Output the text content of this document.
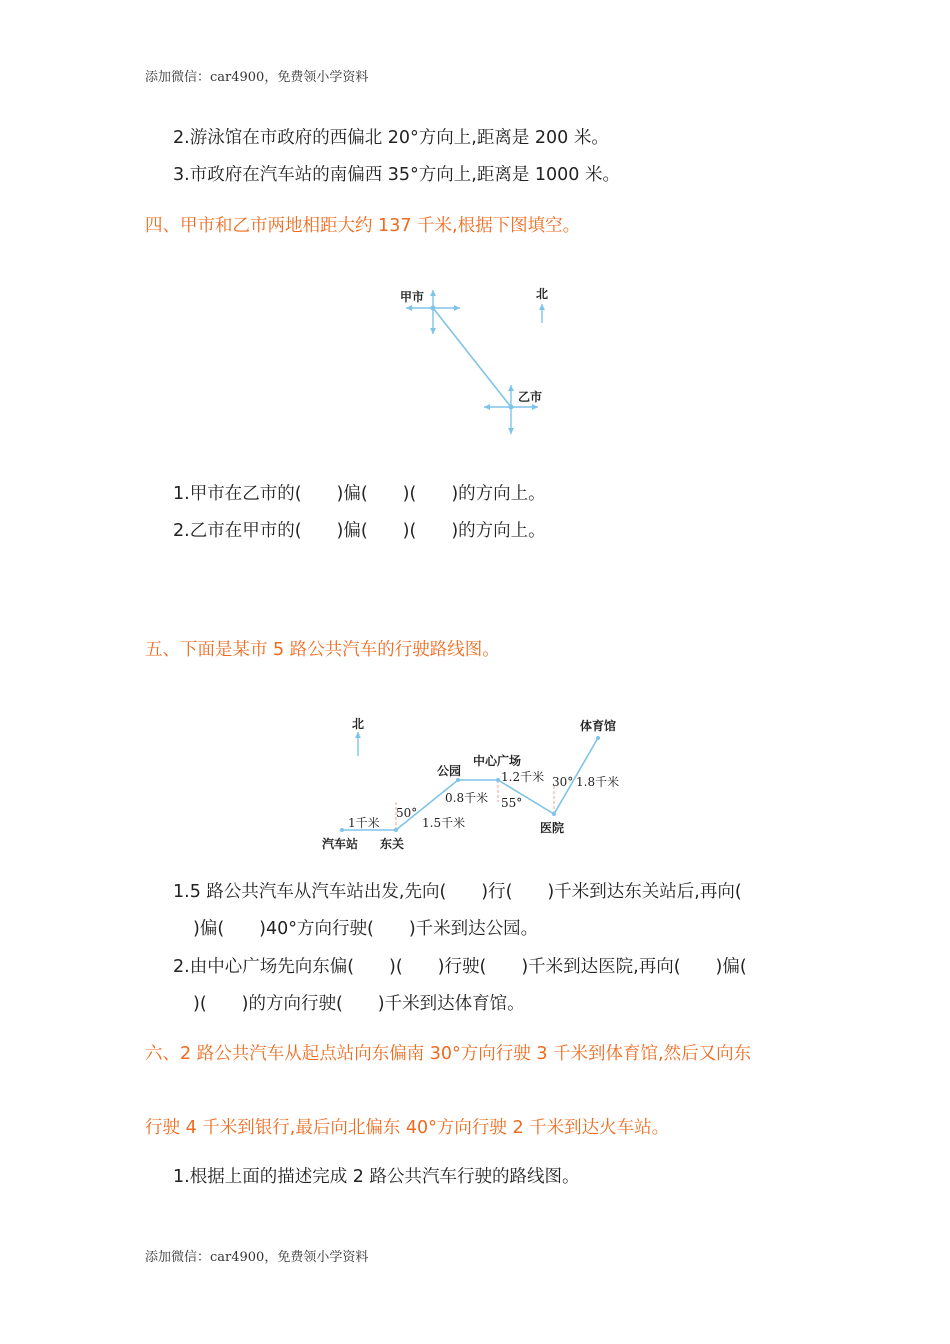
添加微信：car4900，免费领小学资料
2.游泳馆在市政府的西偏北 20°方向上,距离是 200 米。
3.市政府在汽车站的南偏西 35°方向上,距离是 1000 米。
四、甲市和乙市两地相距大约 137 千米,根据下图填空。
甲市
乙市
北
1.甲市在乙市的(　　)偏(　　)(　　)的方向上。
2.乙市在甲市的(　　)偏(　　)(　　)的方向上。
五、下面是某市 5 路公共汽车的行驶路线图。
北
汽车站 东关
公园
中心广场
医院
体育馆
1千米	1.5千米
0.8千米
1.2千米	1.8千米
50°
55°
30°
1.5 路公共汽车从汽车站出发,先向(　　)行(　　)千米到达东关站后,再向(
)偏(　　)40°方向行驶(　　)千米到达公园。
2.由中心广场先向东偏(　　)(　　)行驶(　　)千米到达医院,再向(　　)偏(
)(　　)的方向行驶(　　)千米到达体育馆。
六、2 路公共汽车从起点站向东偏南 30°方向行驶 3 千米到体育馆,然后又向东
行驶 4 千米到银行,最后向北偏东 40°方向行驶 2 千米到达火车站。
1.根据上面的描述完成 2 路公共汽车行驶的路线图。
添加微信：car4900，免费领小学资料
